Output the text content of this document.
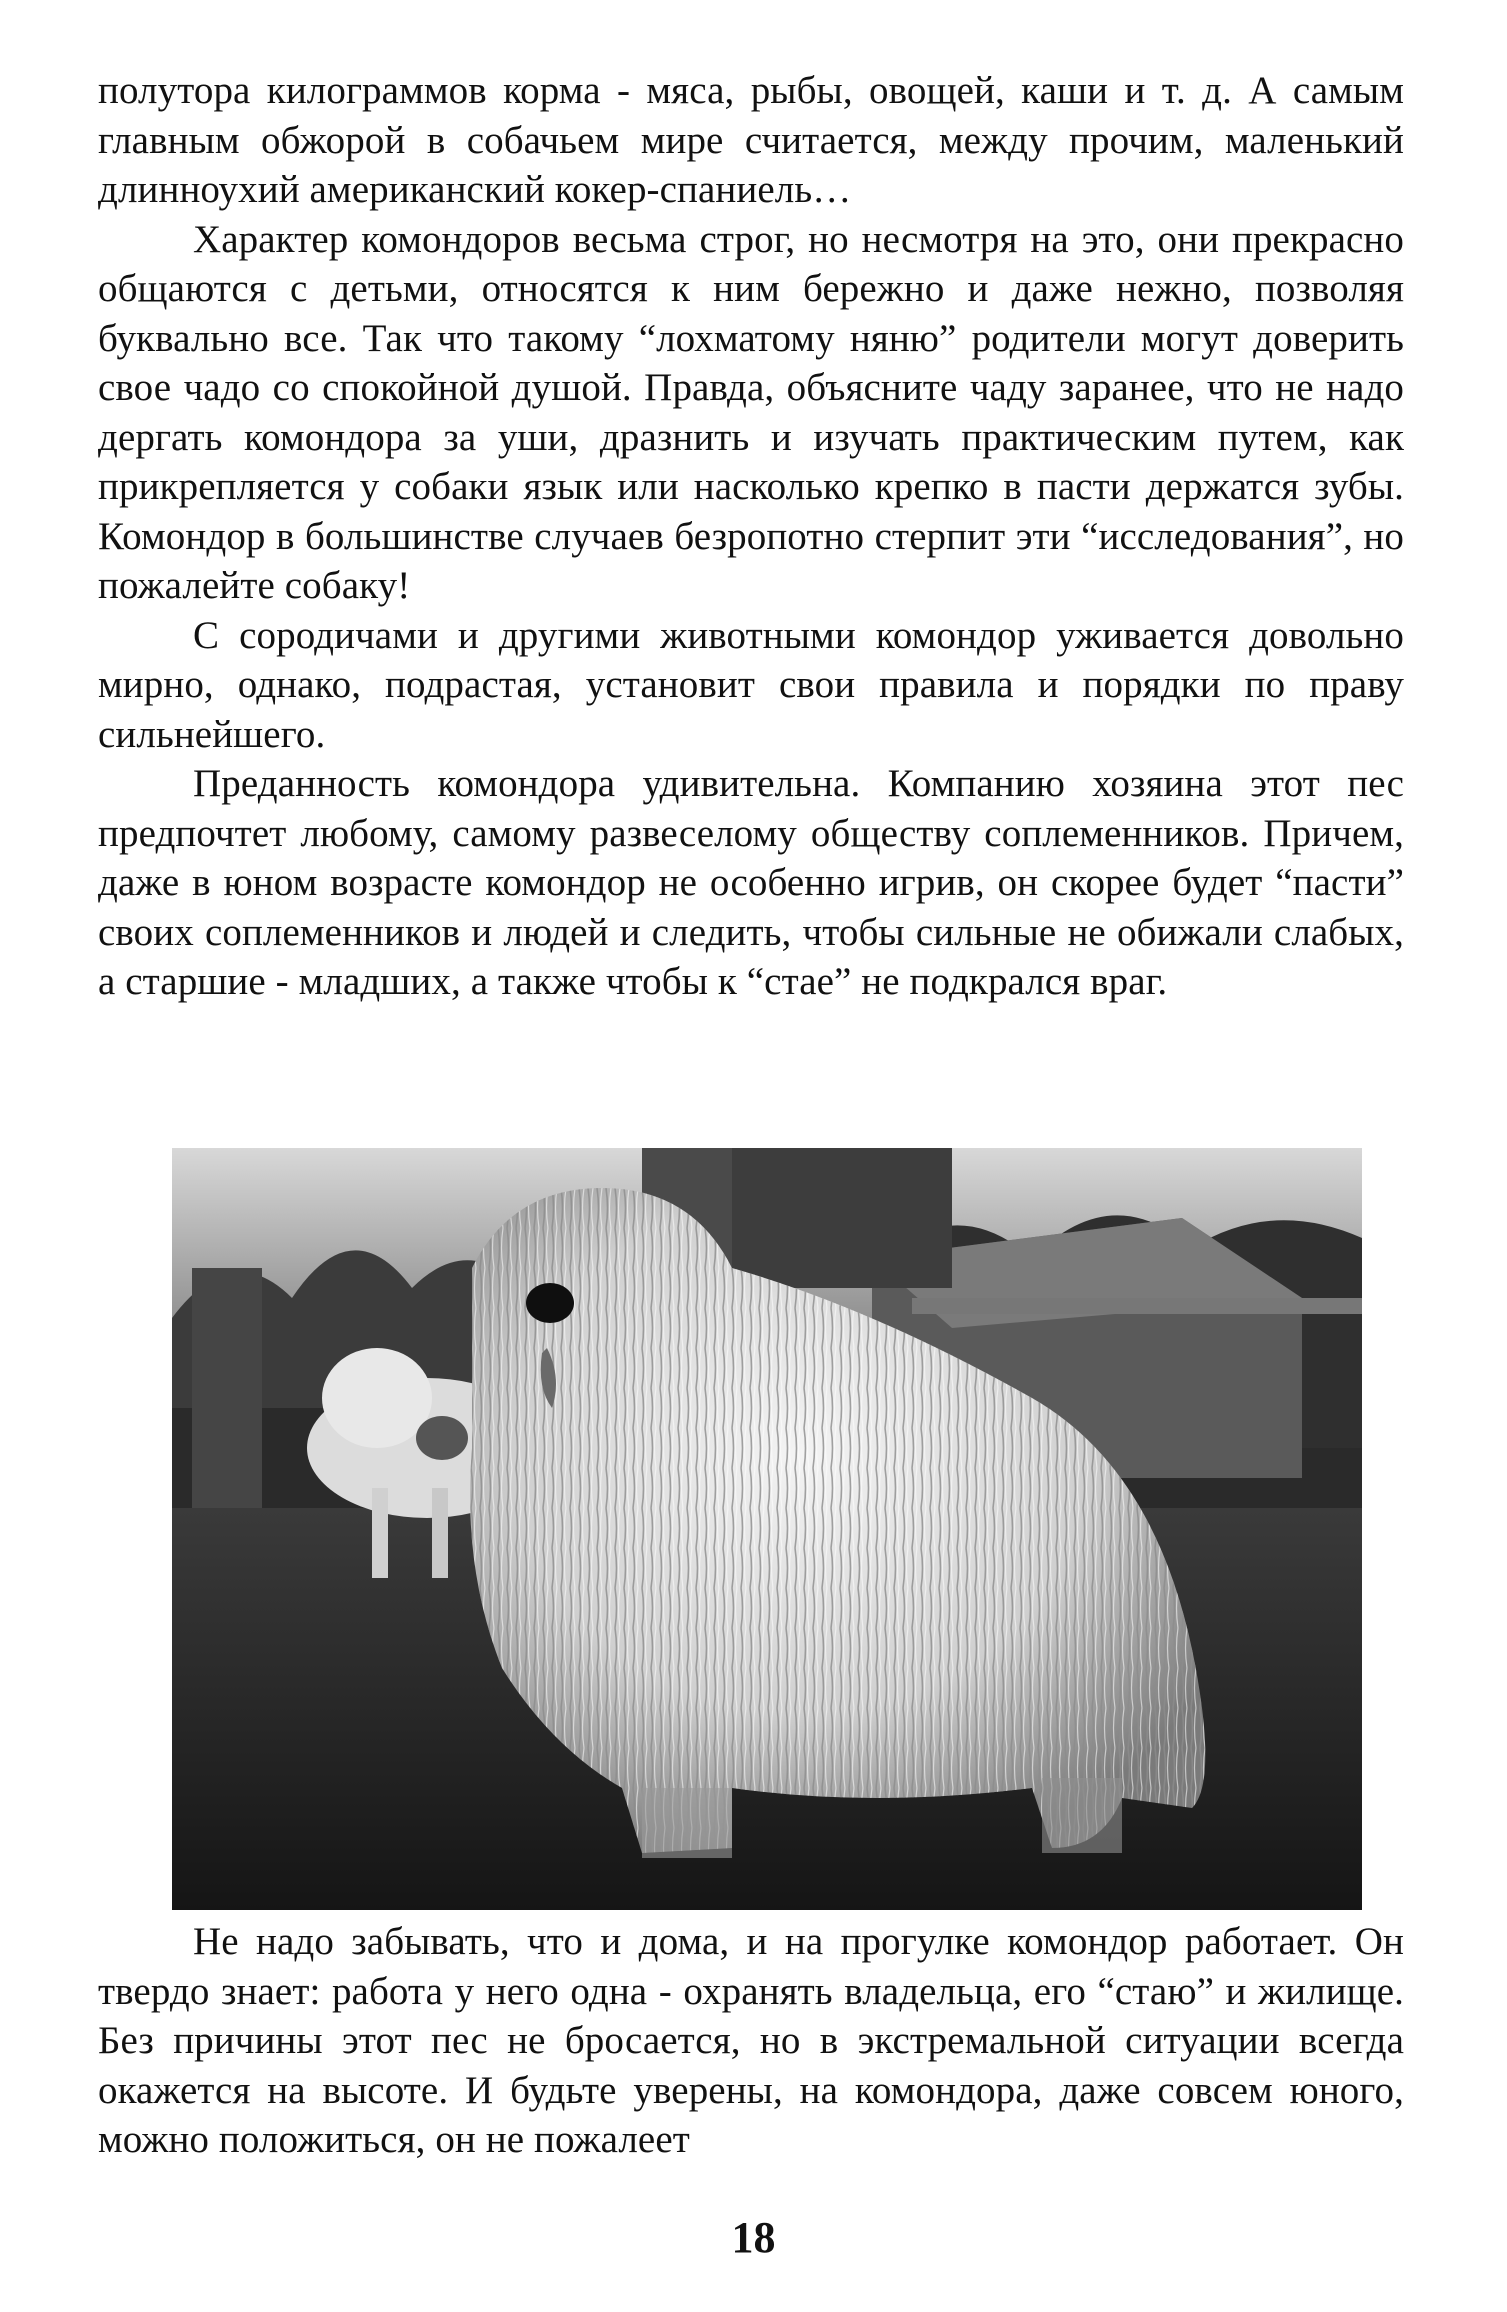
полутора килограммов корма - мяса, рыбы, овощей, каши и т. д. А самым главным обжорой в собачьем мире считается, между прочим, маленький длинноухий американский кокер-спаниель…

Характер комондоров весьма строг, но несмотря на это, они прекрасно общаются с детьми, относятся к ним бережно и даже нежно, позволяя буквально все. Так что такому “лохматому няню” родители могут доверить свое чадо со спокойной душой. Правда, объясните чаду заранее, что не надо дергать комондора за уши, дразнить и изучать практическим путем, как прикрепляется у собаки язык или насколько крепко в пасти держатся зубы. Комондор в большинстве случаев безропотно стерпит эти “исследования”, но пожалейте собаку!

С сородичами и другими животными комондор уживается довольно мирно, однако, подрастая, установит свои правила и порядки по праву сильнейшего.

Преданность комондора удивительна. Компанию хозяина этот пес предпочтет любому, самому развеселому обществу соплеменников. Причем, даже в юном возрасте комондор не особенно игрив, он скорее будет “пасти” своих соплеменников и людей и следить, чтобы сильные не обижали слабых, а старшие - младших, а также чтобы к “стае” не подкрался враг.

Не надо забывать, что и дома, и на прогулке комондор работает. Он твердо знает: работа у него одна - охранять владельца, его “стаю” и жилище. Без причины этот пес не бросается, но в экстремальной ситуации всегда окажется на высоте. И будьте уверены, на комондора, даже совсем юного, можно положиться, он не пожалеет

18
